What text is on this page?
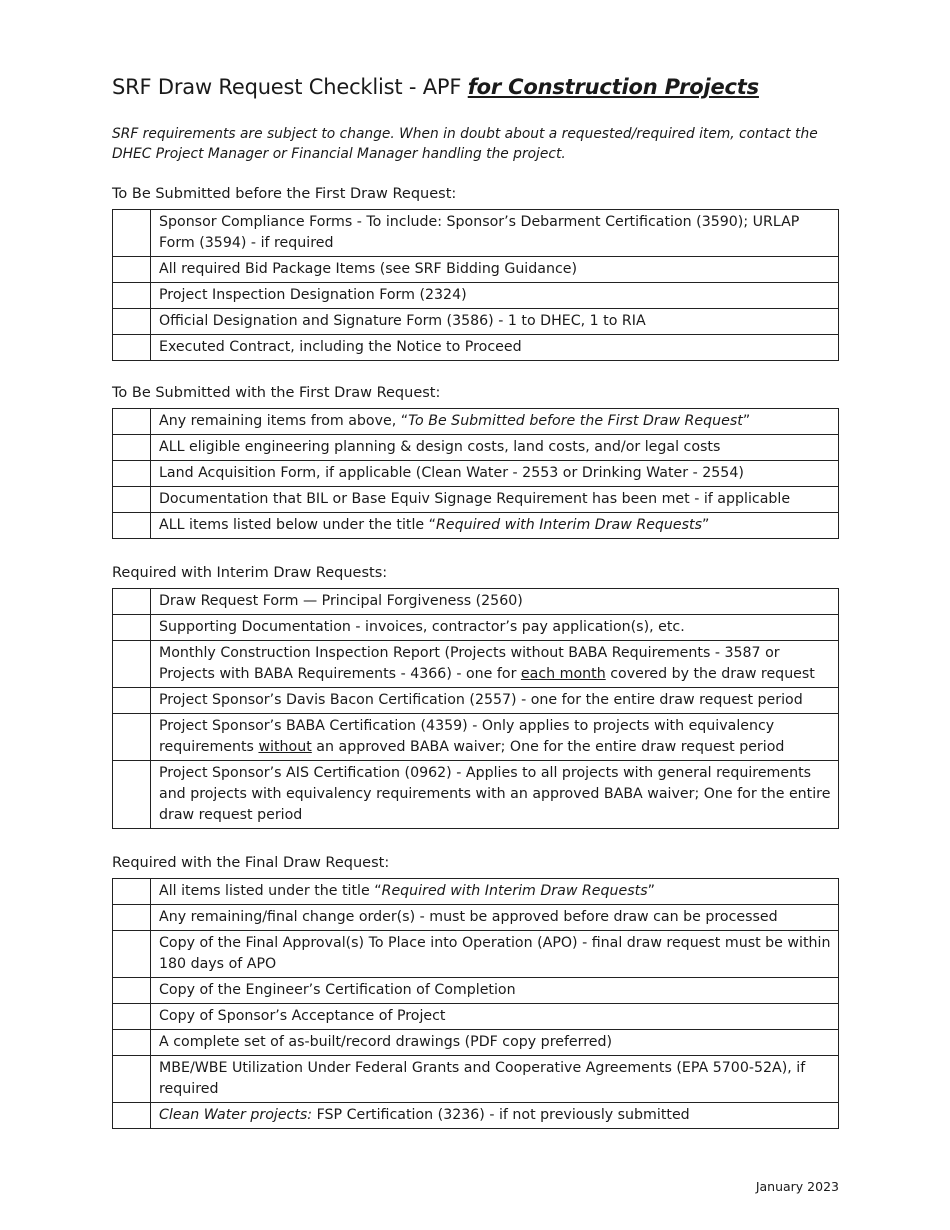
SRF Draw Request Checklist - APF for Construction Projects
SRF requirements are subject to change. When in doubt about a requested/required item, contact the DHEC Project Manager or Financial Manager handling the project.
To Be Submitted before the First Draw Request:
	Sponsor Compliance Forms - To include: Sponsor’s Debarment Certification (3590); URLAP Form (3594) - if required
	All required Bid Package Items (see SRF Bidding Guidance)
	Project Inspection Designation Form (2324)
	Official Designation and Signature Form (3586) - 1 to DHEC, 1 to RIA
	Executed Contract, including the Notice to Proceed
To Be Submitted with the First Draw Request:
	Any remaining items from above, “To Be Submitted before the First Draw Request”
	ALL eligible engineering planning & design costs, land costs, and/or legal costs
	Land Acquisition Form, if applicable (Clean Water - 2553 or Drinking Water - 2554)
	Documentation that BIL or Base Equiv Signage Requirement has been met - if applicable
	ALL items listed below under the title “Required with Interim Draw Requests”
Required with Interim Draw Requests:
	Draw Request Form — Principal Forgiveness (2560)
	Supporting Documentation - invoices, contractor’s pay application(s), etc.
	Monthly Construction Inspection Report (Projects without BABA Requirements - 3587 or Projects with BABA Requirements - 4366) - one for each month covered by the draw request
	Project Sponsor’s Davis Bacon Certification (2557) - one for the entire draw request period
	Project Sponsor’s BABA Certification (4359) - Only applies to projects with equivalency requirements without an approved BABA waiver; One for the entire draw request period
	Project Sponsor’s AIS Certification (0962) - Applies to all projects with general requirements and projects with equivalency requirements with an approved BABA waiver; One for the entire draw request period
Required with the Final Draw Request:
	All items listed under the title “Required with Interim Draw Requests”
	Any remaining/final change order(s) - must be approved before draw can be processed
	Copy of the Final Approval(s) To Place into Operation (APO) - final draw request must be within 180 days of APO
	Copy of the Engineer’s Certification of Completion
	Copy of Sponsor’s Acceptance of Project
	A complete set of as-built/record drawings (PDF copy preferred)
	MBE/WBE Utilization Under Federal Grants and Cooperative Agreements (EPA 5700-52A), if required
	Clean Water projects: FSP Certification (3236) - if not previously submitted
January 2023
